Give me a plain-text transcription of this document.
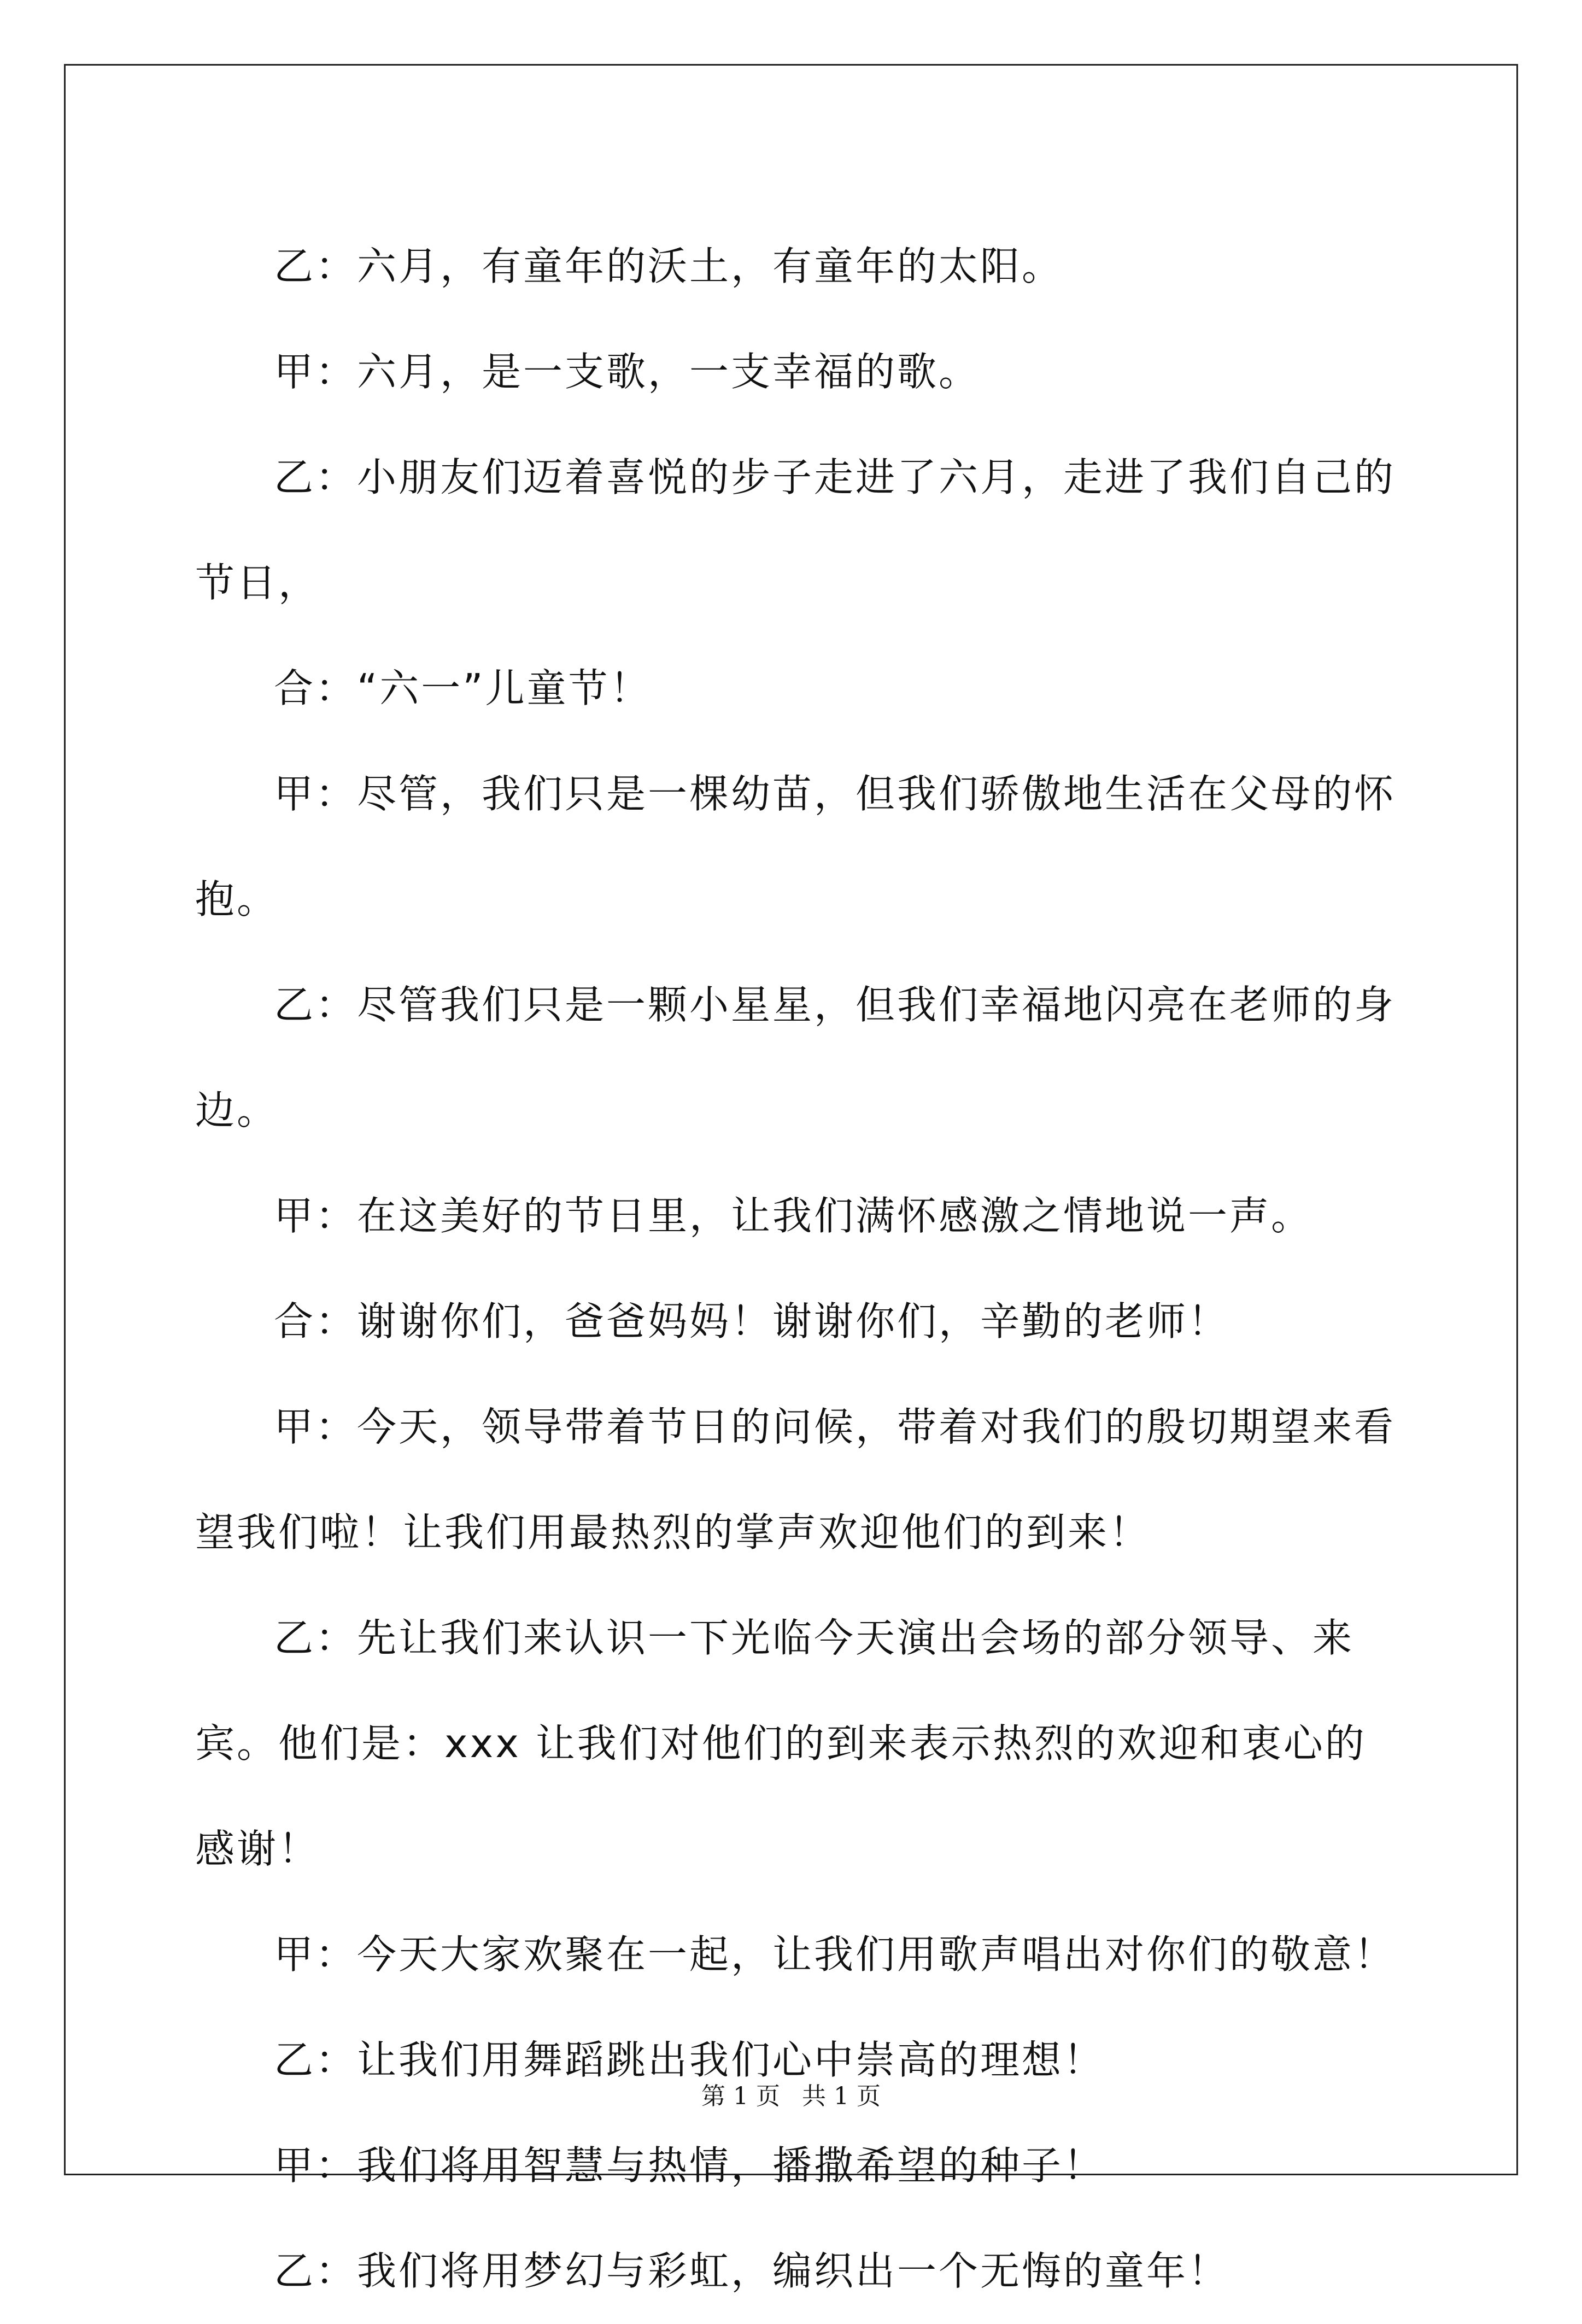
乙：六月，有童年的沃土，有童年的太阳。

甲：六月，是一支歌，一支幸福的歌。

乙：小朋友们迈着喜悦的步子走进了六月，走进了我们自己的节日，

合：“六一”儿童节！

甲：尽管，我们只是一棵幼苗，但我们骄傲地生活在父母的怀抱。

乙：尽管我们只是一颗小星星，但我们幸福地闪亮在老师的身边。

甲：在这美好的节日里，让我们满怀感激之情地说一声。

合：谢谢你们，爸爸妈妈！谢谢你们，辛勤的老师！

甲：今天，领导带着节日的问候，带着对我们的殷切期望来看望我们啦！让我们用最热烈的掌声欢迎他们的到来！

乙：先让我们来认识一下光临今天演出会场的部分领导、来宾。他们是：xxx 让我们对他们的到来表示热烈的欢迎和衷心的感谢！

甲：今天大家欢聚在一起，让我们用歌声唱出对你们的敬意！

乙：让我们用舞蹈跳出我们心中崇高的理想！

甲：我们将用智慧与热情，播撒希望的种子！

乙：我们将用梦幻与彩虹，编织出一个无悔的童年！

第 1 页 共 1 页
